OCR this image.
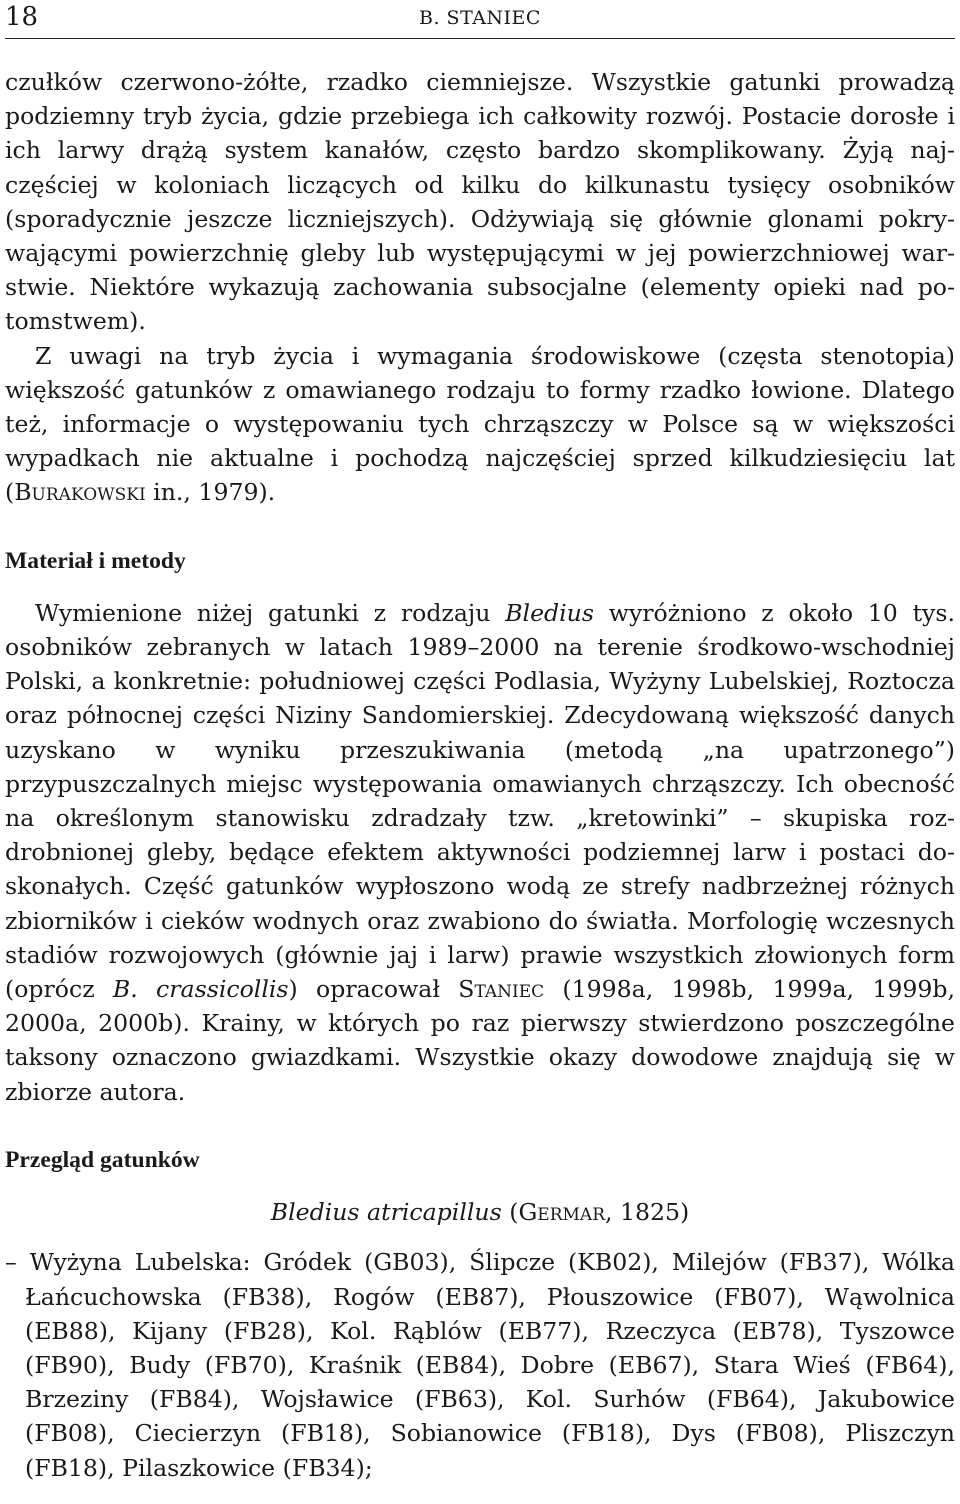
18	B. STANIEC

czułków czerwono-żółte, rzadko ciemniejsze. Wszystkie gatunki prowadzą podziemny tryb życia, gdzie przebiega ich całkowity rozwój. Postacie dorosłe i ich larwy drążą system kanałów, często bardzo skomplikowany. Żyją najczęściej w koloniach liczących od kilku do kilkunastu tysięcy osobników (sporadycznie jeszcze liczniejszych). Odżywiają się głównie glonami pokrywającymi powierzchnię gleby lub występującymi w jej powierzchniowej warstwie. Niektóre wykazują zachowania subsocjalne (elementy opieki nad potomstwem).

Z uwagi na tryb życia i wymagania środowiskowe (częsta stenotopia) większość gatunków z omawianego rodzaju to formy rzadko łowione. Dlatego też, informacje o występowaniu tych chrząszczy w Polsce są w większości wypadkach nie aktualne i pochodzą najczęściej sprzed kilkudziesięciu lat (Burakowski in., 1979).

Materiał i metody

Wymienione niżej gatunki z rodzaju Bledius wyróżniono z około 10 tys. osobników zebranych w latach 1989–2000 na terenie środkowo-wschodniej Polski, a konkretnie: południowej części Podlasia, Wyżyny Lubelskiej, Roztocza oraz północnej części Niziny Sandomierskiej. Zdecydowaną większość danych uzyskano w wyniku przeszukiwania (metodą „na upatrzonego”) przypuszczalnych miejsc występowania omawianych chrząszczy. Ich obecność na określonym stanowisku zdradzały tzw. „kretowinki” – skupiska rozdrobnionej gleby, będące efektem aktywności podziemnej larw i postaci doskonałych. Część gatunków wypłoszono wodą ze strefy nadbrzeżnej różnych zbiorników i cieków wodnych oraz zwabiono do światła. Morfologię wczesnych stadiów rozwojowych (głównie jaj i larw) prawie wszystkich złowionych form (oprócz B. crassicollis) opracował Staniec (1998a, 1998b, 1999a, 1999b, 2000a, 2000b). Krainy, w których po raz pierwszy stwierdzono poszczególne taksony oznaczono gwiazdkami. Wszystkie okazy dowodowe znajdują się w zbiorze autora.

Przegląd gatunków
Bledius atricapillus (Germar, 1825)

– Wyżyna Lubelska: Gródek (GB03), Ślipcze (KB02), Milejów (FB37), Wólka Łańcuchowska (FB38), Rogów (EB87), Płouszowice (FB07), Wąwolnica (EB88), Kijany (FB28), Kol. Rąblów (EB77), Rzeczyca (EB78), Tyszowce (FB90), Budy (FB70), Kraśnik (EB84), Dobre (EB67), Stara Wieś (FB64), Brzeziny (FB84), Wojsławice (FB63), Kol. Surhów (FB64), Jakubowice (FB08), Ciecierzyn (FB18), Sobianowice (FB18), Dys (FB08), Pliszczyn (FB18), Pilaszkowice (FB34);
